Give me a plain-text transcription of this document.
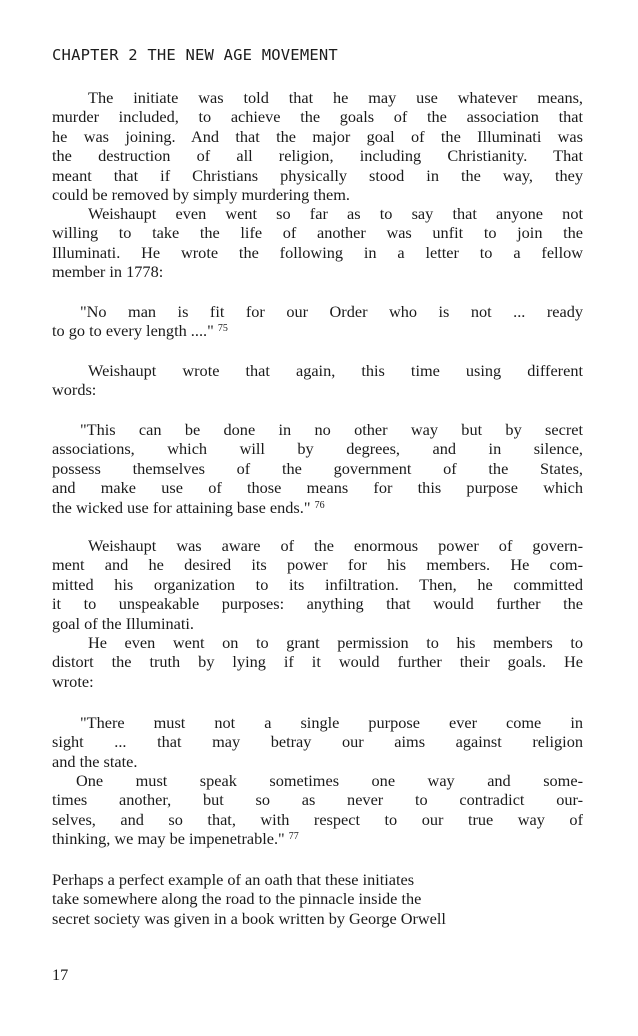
CHAPTER 2 THE NEW AGE MOVEMENT
The initiate was told that he may use whatever means,
murder included, to achieve the goals of the association that
he was joining. And that the major goal of the Illuminati was
the destruction of all religion, including Christianity. That
meant that if Christians physically stood in the way, they
could be removed by simply murdering them.
Weishaupt even went so far as to say that anyone not
willing to take the life of another was unfit to join the
Illuminati. He wrote the following in a letter to a fellow
member in 1778:
"No man is fit for our Order who is not ... ready
to go to every length ...." $^{75}$
Weishaupt wrote that again, this time using different
words:
"This can be done in no other way but by secret
associations, which will by degrees, and in silence,
possess themselves of the government of the States,
and make use of those means for this purpose which
the wicked use for attaining base ends." $^{76}$
Weishaupt was aware of the enormous power of govern-
ment and he desired its power for his members. He com-
mitted his organization to its infiltration. Then, he committed
it to unspeakable purposes: anything that would further the
goal of the Illuminati.
He even went on to grant permission to his members to
distort the truth by lying if it would further their goals. He
wrote:
"There must not a single purpose ever come in
sight ... that may betray our aims against religion
and the state.
One must speak sometimes one way and some-
times another, but so as never to contradict our-
selves, and so that, with respect to our true way of
thinking, we may be impenetrable." $^{77}$
Perhaps a perfect example of an oath that these initiates
take somewhere along the road to the pinnacle inside the
secret society was given in a book written by George Orwell
17
